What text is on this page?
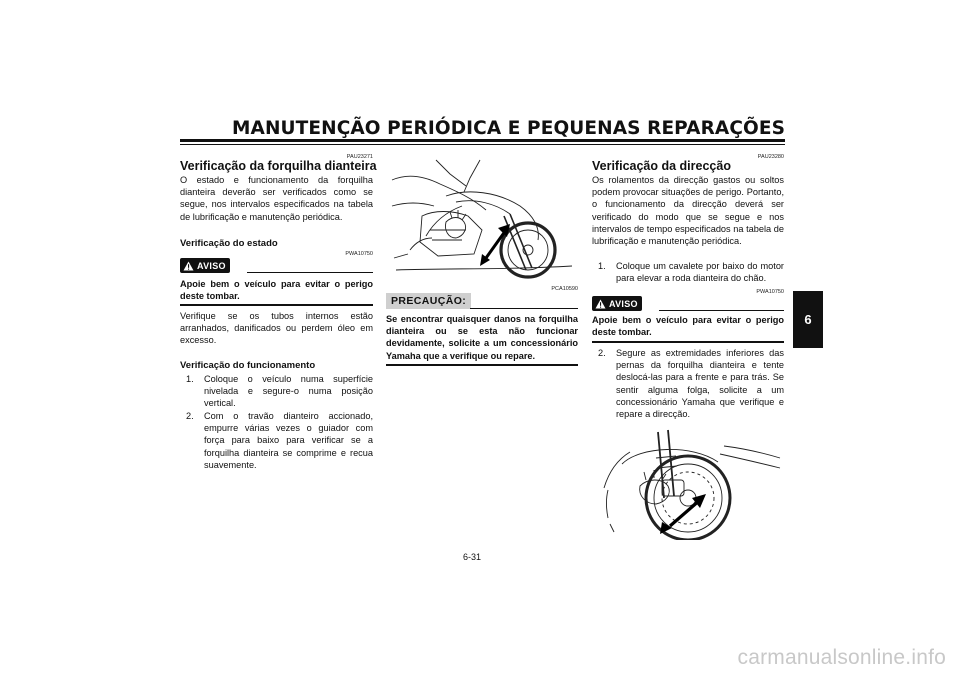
MANUTENÇÃO PERIÓDICA E PEQUENAS REPARAÇÕES
PAU23271
Verificação da forquilha dianteira
O estado e funcionamento da forquilha dianteira deverão ser verificados como se segue, nos intervalos especificados na tabela de lubrificação e manutenção periódica.
Verificação do estado
PWA10750
AVISO
Apoie bem o veículo para evitar o perigo deste tombar.
Verifique se os tubos internos estão arranhados, danificados ou perdem óleo em excesso.
Verificação do funcionamento
1. Coloque o veículo numa superfície nivelada e segure-o numa posição vertical.
2. Com o travão dianteiro accionado, empurre várias vezes o guiador com força para baixo para verificar se a forquilha dianteira se comprime e recua suavemente.
PCA10590
PRECAUÇÃO:
Se encontrar quaisquer danos na forquilha dianteira ou se esta não funcionar devidamente, solicite a um concessionário Yamaha que a verifique ou repare.
PAU23280
Verificação da direcção
Os rolamentos da direcção gastos ou soltos podem provocar situações de perigo. Portanto, o funcionamento da direcção deverá ser verificado do modo que se segue e nos intervalos de tempo especificados na tabela de lubrificação e manutenção periódica.
1. Coloque um cavalete por baixo do motor para elevar a roda dianteira do chão.
PWA10750
AVISO
Apoie bem o veículo para evitar o perigo deste tombar.
2. Segure as extremidades inferiores das pernas da forquilha dianteira e tente deslocá-las para a frente e para trás. Se sentir alguma folga, solicite a um concessionário Yamaha que verifique e repare a direcção.
6
6-31
carmanualsonline.info
